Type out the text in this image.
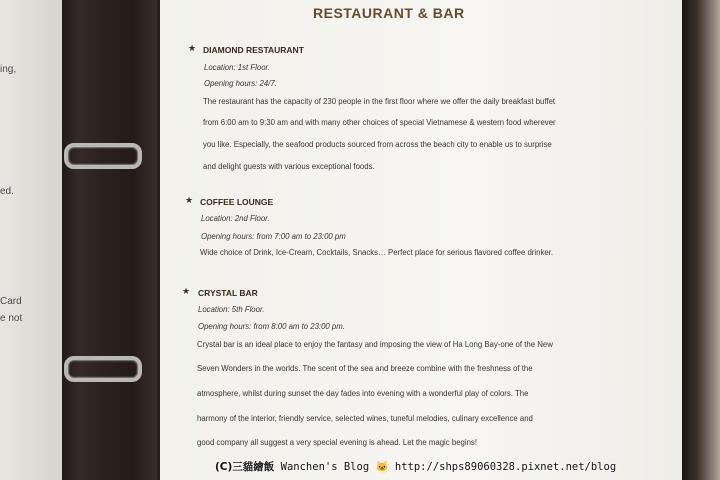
ing,
ed.
Card
e not
RESTAURANT & BAR
★ DIAMOND RESTAURANT
Location: 1st Floor.
Opening hours: 24/7.
The restaurant has the capacity of 230 people in the first floor where we offer the daily breakfast buffet
from 6:00 am to 9:30 am and with many other choices of special Vietnamese & western food wherever
you like. Especially, the seafood products sourced from across the beach city to enable us to surprise
and delight guests with various exceptional foods.
★ COFFEE LOUNGE
Location: 2nd Floor.
Opening hours: from 7:00 am to 23:00 pm
Wide choice of Drink, Ice-Cream, Cocktails, Snacks… Perfect place for serious flavored coffee drinker.
★ CRYSTAL BAR
Location: 5th Floor.
Opening hours: from 8:00 am to 23:00 pm.
Crystal bar is an ideal place to enjoy the fantasy and imposing the view of Ha Long Bay-one of the New
Seven Wonders in the worlds. The scent of the sea and breeze combine with the freshness of the
atmosphere, whilst during sunset the day fades into evening with a wonderful play of colors. The
harmony of the interior, friendly service, selected wines, tuneful melodies, culinary excellence and
good company all suggest a very special evening is ahead. Let the magic begins!
(C)三貓繪飯 Wanchen's Blog 🐱 http://shps89060328.pixnet.net/blog
